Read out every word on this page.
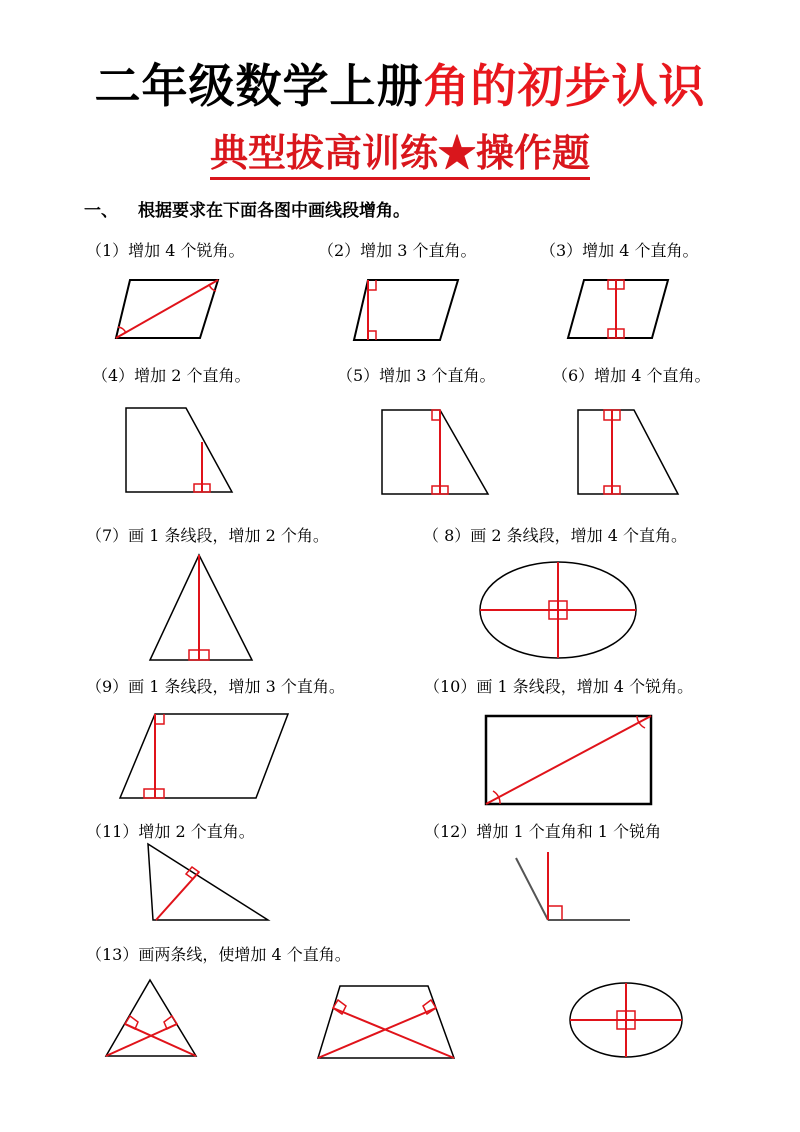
二年级数学上册角的初步认识
典型拔高训练★操作题
一、 根据要求在下面各图中画线段增角。
（1）增加 4 个锐角。	（2）增加 3 个直角。	（3）增加 4 个直角。
（4）增加 2 个直角。	（5）增加 3 个直角。	（6）增加 4 个直角。
（7）画 1 条线段，增加 2 个角。	（ 8）画 2 条线段，增加 4 个直角。
（9）画 1 条线段，增加 3 个直角。	（10）画 1 条线段，增加 4 个锐角。
（11）增加 2 个直角。	（12）增加 1 个直角和 1 个锐角
（13）画两条线，使增加 4 个直角。
